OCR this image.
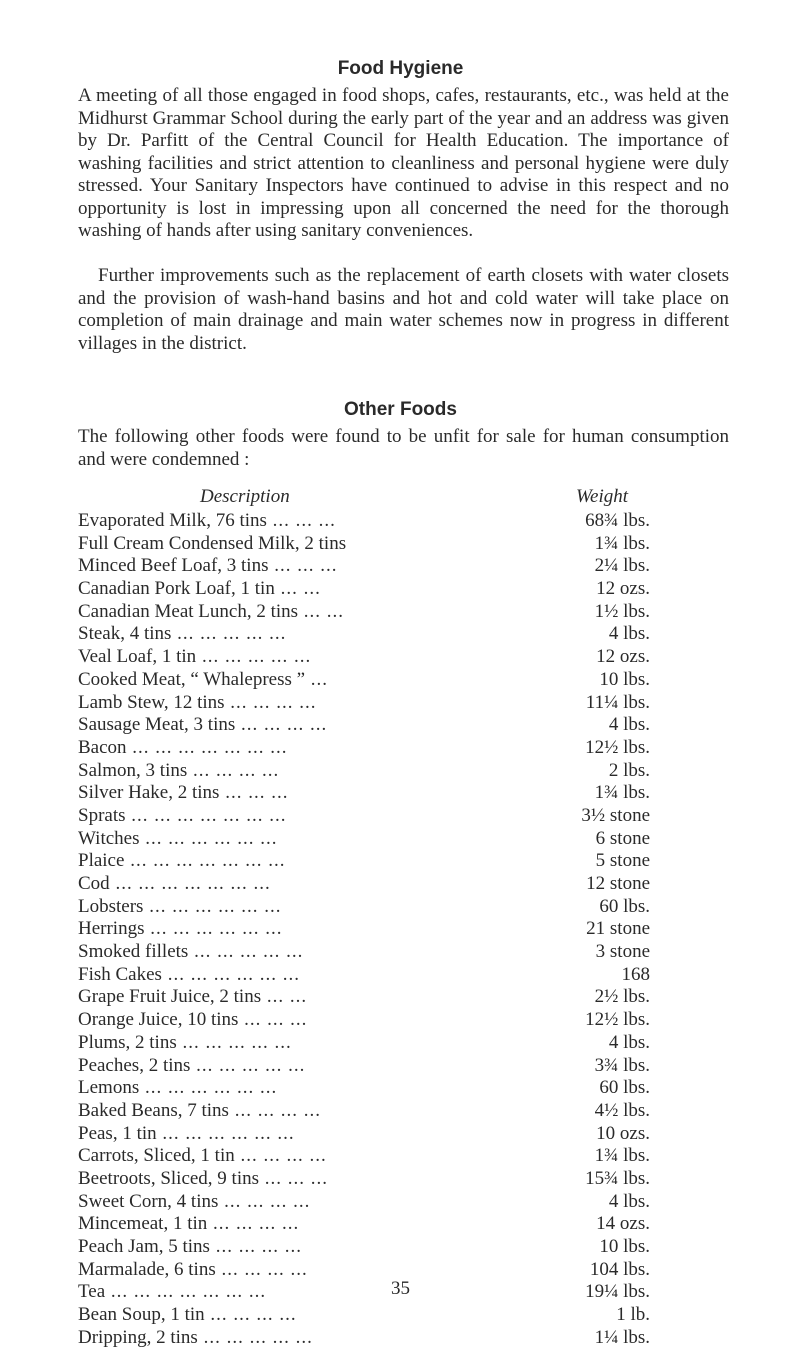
Food Hygiene
A meeting of all those engaged in food shops, cafes, restaurants, etc., was held at the Midhurst Grammar School during the early part of the year and an address was given by Dr. Parfitt of the Central Council for Health Education. The importance of washing facilities and strict attention to cleanliness and personal hygiene were duly stressed. Your Sanitary Inspectors have continued to advise in this respect and no opportunity is lost in impressing upon all concerned the need for the thorough washing of hands after using sanitary conveniences.
Further improvements such as the replacement of earth closets with water closets and the provision of wash-hand basins and hot and cold water will take place on completion of main drainage and main water schemes now in progress in different villages in the district.
Other Foods
The following other foods were found to be unfit for sale for human consumption and were condemned :
Description	Weight
Evaporated Milk, 76 tins ... ... ...	68¾ lbs.
Full Cream Condensed Milk, 2 tins	1¾ lbs.
Minced Beef Loaf, 3 tins ... ... ...	2¼ lbs.
Canadian Pork Loaf, 1 tin ... ...	12 ozs.
Canadian Meat Lunch, 2 tins ... ...	1½ lbs.
Steak, 4 tins ... ... ... ... ...	4 lbs.
Veal Loaf, 1 tin ... ... ... ... ...	12 ozs.
Cooked Meat, “ Whalepress ” ...	10 lbs.
Lamb Stew, 12 tins ... ... ... ...	11¼ lbs.
Sausage Meat, 3 tins ... ... ... ...	4 lbs.
Bacon ... ... ... ... ... ... ...	12½ lbs.
Salmon, 3 tins ... ... ... ...	2 lbs.
Silver Hake, 2 tins ... ... ...	1¾ lbs.
Sprats ... ... ... ... ... ... ...	3½ stone
Witches ... ... ... ... ... ...	6 stone
Plaice ... ... ... ... ... ... ...	5 stone
Cod ... ... ... ... ... ... ...	12 stone
Lobsters ... ... ... ... ... ...	60 lbs.
Herrings ... ... ... ... ... ...	21 stone
Smoked fillets ... ... ... ... ...	3 stone
Fish Cakes ... ... ... ... ... ...	168
Grape Fruit Juice, 2 tins ... ...	2½ lbs.
Orange Juice, 10 tins ... ... ...	12½ lbs.
Plums, 2 tins ... ... ... ... ...	4 lbs.
Peaches, 2 tins ... ... ... ... ...	3¾ lbs.
Lemons ... ... ... ... ... ...	60 lbs.
Baked Beans, 7 tins ... ... ... ...	4½ lbs.
Peas, 1 tin ... ... ... ... ... ...	10 ozs.
Carrots, Sliced, 1 tin ... ... ... ...	1¾ lbs.
Beetroots, Sliced, 9 tins ... ... ...	15¾ lbs.
Sweet Corn, 4 tins ... ... ... ...	4 lbs.
Mincemeat, 1 tin ... ... ... ...	14 ozs.
Peach Jam, 5 tins ... ... ... ...	10 lbs.
Marmalade, 6 tins ... ... ... ...	104 lbs.
Tea ... ... ... ... ... ... ...	19¼ lbs.
Bean Soup, 1 tin ... ... ... ...	1 lb.
Dripping, 2 tins ... ... ... ... ...	1¼ lbs.
35
